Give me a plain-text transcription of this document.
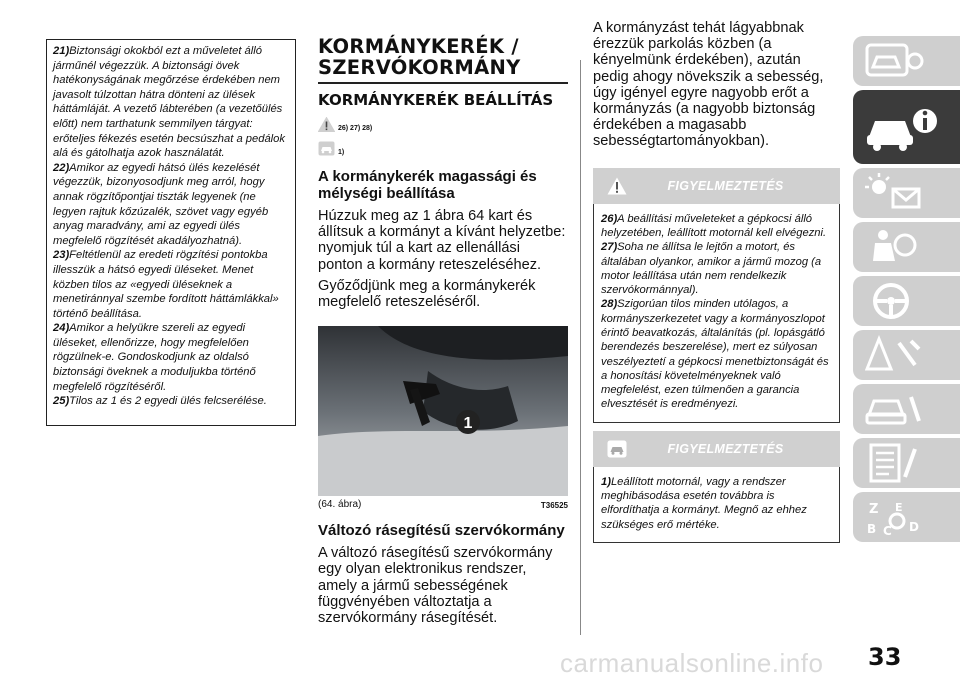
21)Biztonsági okokból ezt a műveletet álló járműnél végezzük. A biztonsági övek hatékonyságának megőrzése érdekében nem javasolt túlzottan hátra dönteni az ülések háttámláját. A vezető lábterében (a vezetőülés előtt) nem tarthatunk semmilyen tárgyat: erőteljes fékezés esetén becsúszhat a pedálok alá és gátolhatja azok használatát.

22)Amikor az egyedi hátsó ülés kezelését végezzük, bizonyosodjunk meg arról, hogy annak rögzítőpontjai tiszták legyenek (ne legyen rajtuk kőzúzalék, szövet vagy egyéb anyag maradvány, ami az egyedi ülés megfelelő rögzítését akadályozhatná).

23)Feltétlenül az eredeti rögzítési pontokba illesszük a hátsó egyedi üléseket. Menet közben tilos az «egyedi üléseknek a menetiránnyal szembe fordított háttámlákkal» történő beállítása.

24)Amikor a helyükre szereli az egyedi üléseket, ellenőrizze, hogy megfelelően rögzülnek-e. Gondoskodjunk az oldalsó biztonsági öveknek a moduljukba történő megfelelő rögzítéséről.

25)Tilos az 1 és 2 egyedi ülés felcserélése.

KORMÁNYKERÉK / SZERVÓKORMÁNY
KORMÁNYKERÉK BEÁLLÍTÁS
26) 27) 28)
1)
A kormánykerék magassági és mélységi beállítása

Húzzuk meg az 1 ábra 64 kart és állítsuk a kormányt a kívánt helyzetbe: nyomjuk túl a kart az ellenállási ponton a kormány reteszeléséhez.

Győződjünk meg a kormánykerék megfelelő reteszeléséről.

1
(64. ábra)	T36525
Változó rásegítésű szervókormány

A változó rásegítésű szervókormány egy olyan elektronikus rendszer, amely a jármű sebességének függvényében változtatja a szervókormány rásegítését.

A kormányzást tehát lágyabbnak érezzük parkolás közben (a kényelmünk érdekében), azután pedig ahogy növekszik a sebesség, úgy igényel egyre nagyobb erőt a kormányzás (a nagyobb biztonság érdekében a magasabb sebességtartományokban).

FIGYELMEZTETÉS

26)A beállítási műveleteket a gépkocsi álló helyzetében, leállított motornál kell elvégezni.

27)Soha ne állítsa le lejtőn a motort, és általában olyankor, amikor a jármű mozog (a motor leállítása után nem rendelkezik szervókormánnyal).

28)Szigorúan tilos minden utólagos, a kormányszerkezetet vagy a kormányoszlopot érintő beavatkozás, általánítás (pl. lopásgátló berendezés beszerelése), mert ez súlyosan veszélyeztetí a gépkocsi menetbiztonságát és a honosítási követelményeknek való megfelelést, ezen túlmenően a garancia elvesztését is eredményezi.

FIGYELMEZTETÉS

1)Leállított motornál, vagy a rendszer meghibásodása esetén továbbra is elfordíthatja a kormányt. Megnő az ehhez szükséges erő mértéke.

Z E
B C D
carmanualsonline.info 33
